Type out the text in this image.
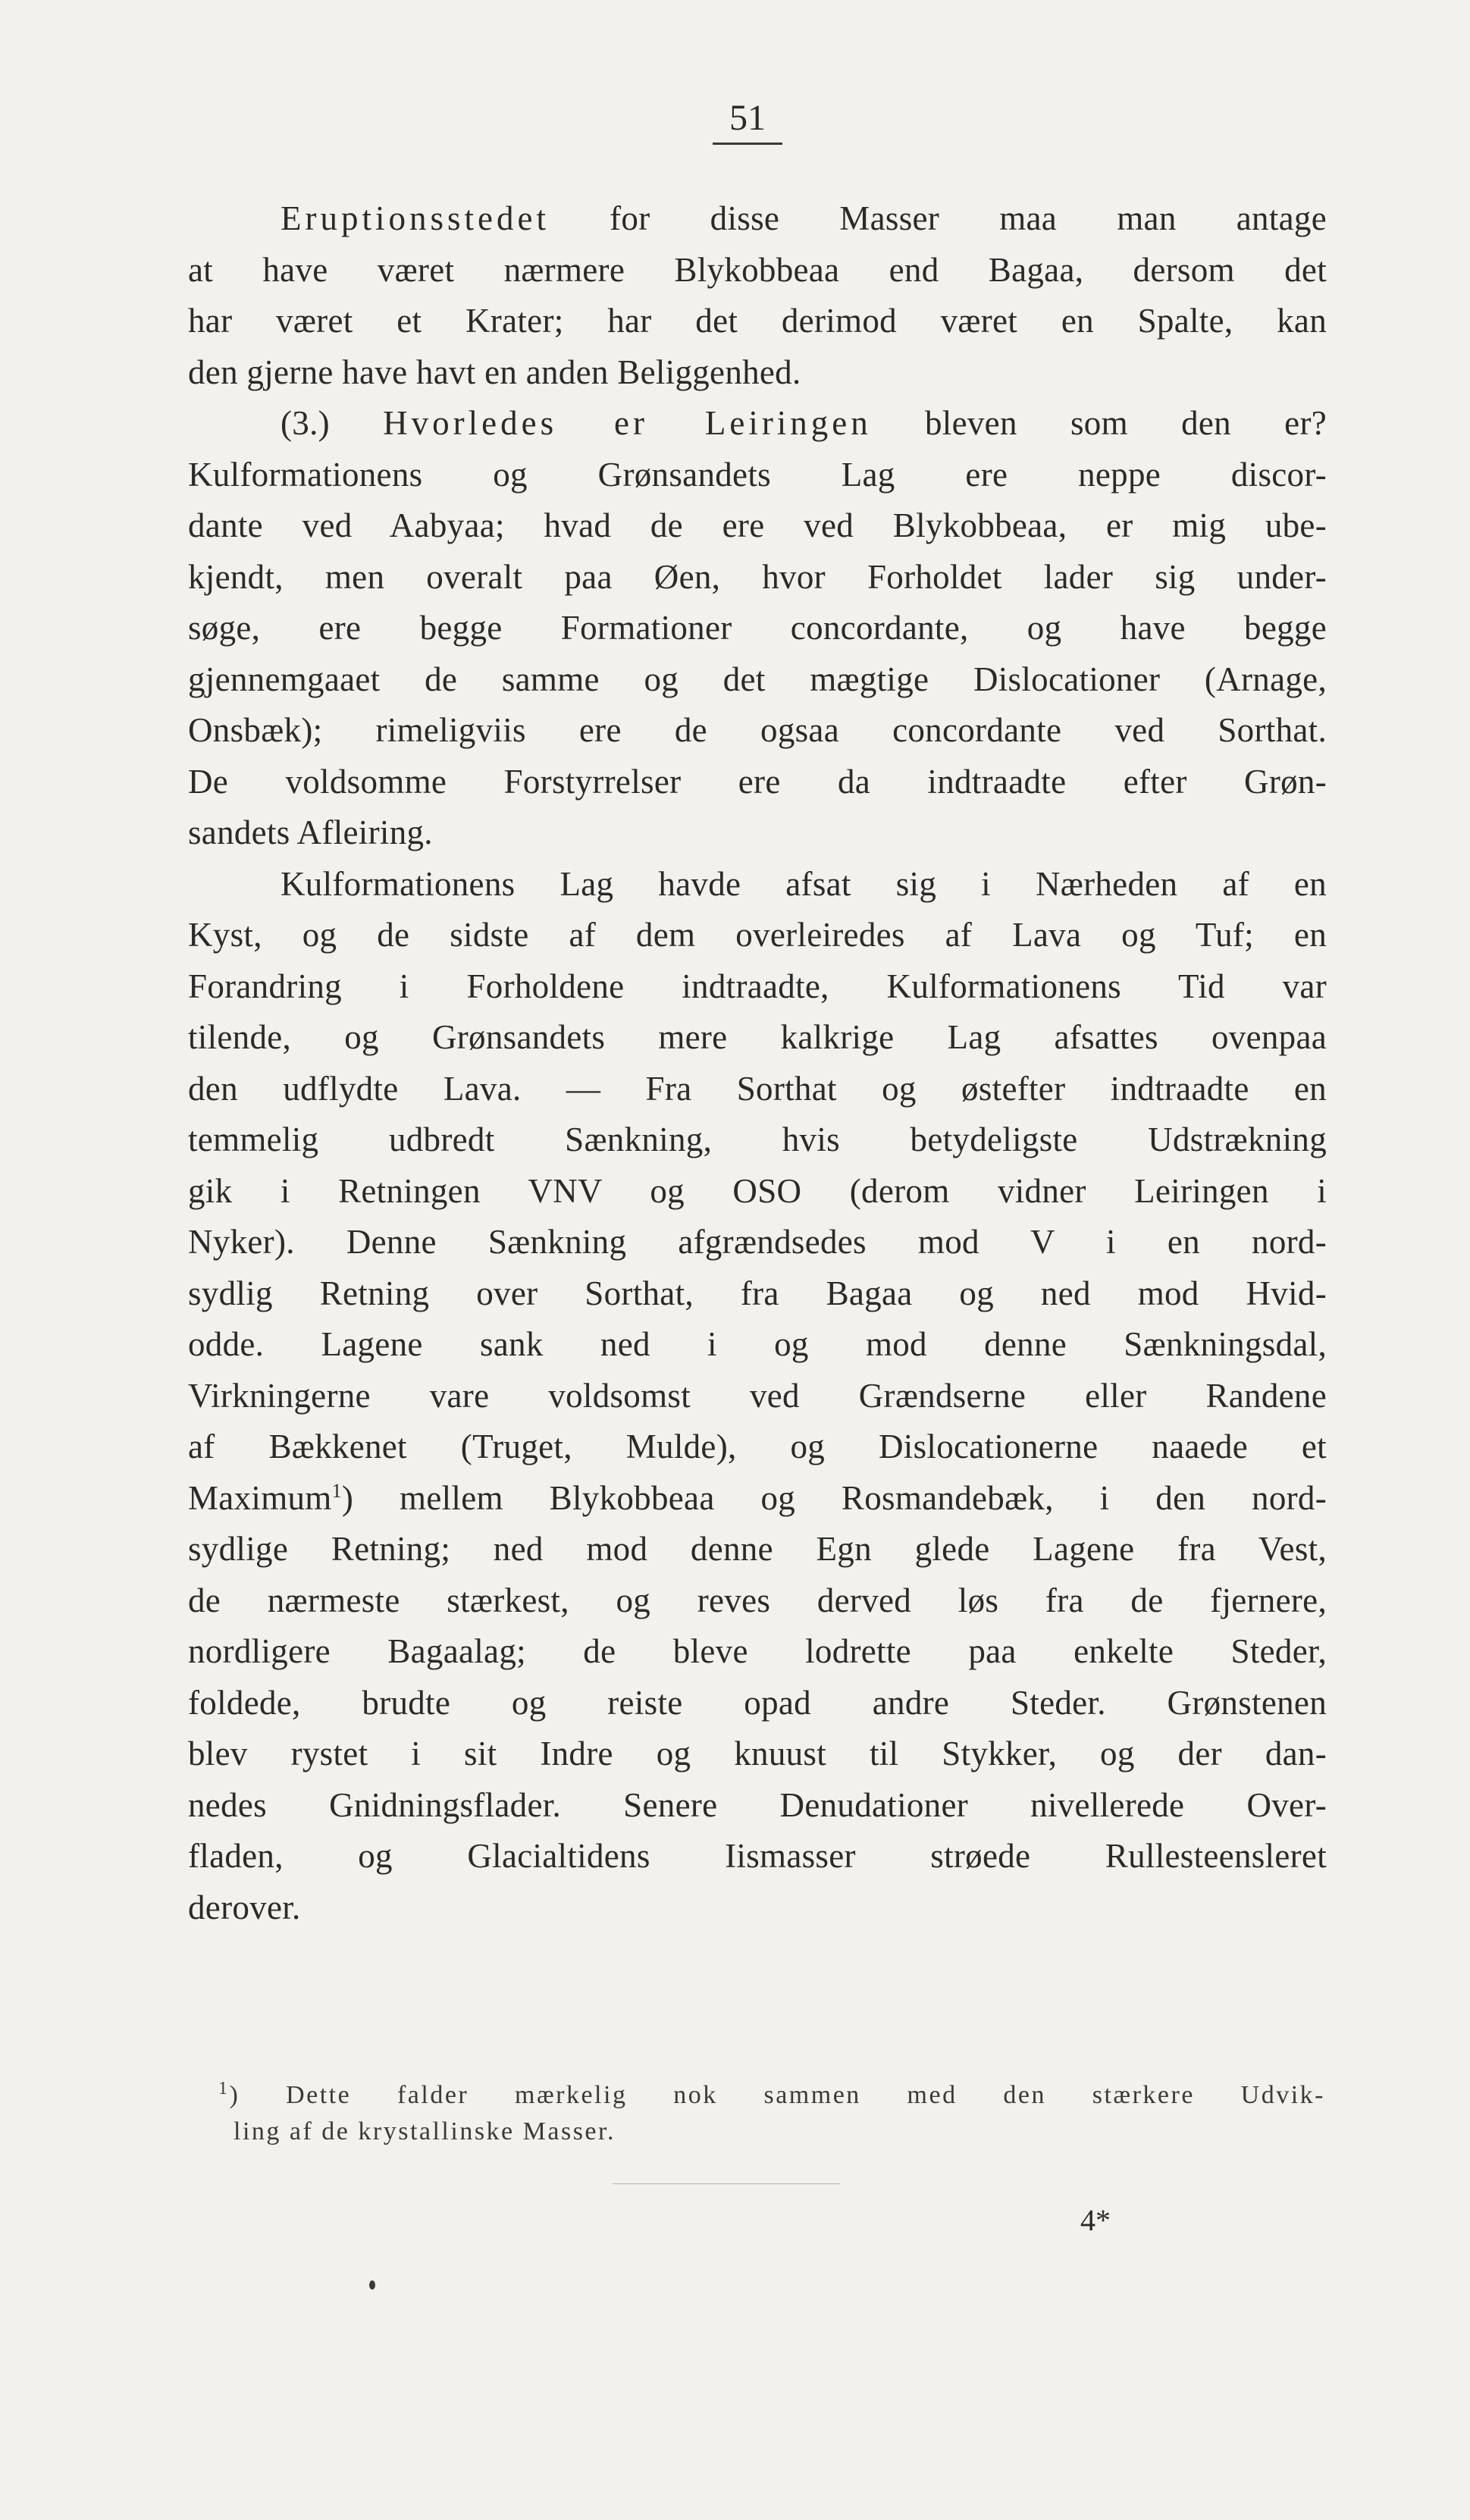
51
Eruptionsstedet for disse Masser maa man antage
at have været nærmere Blykobbeaa end Bagaa, dersom det
har været et Krater; har det derimod været en Spalte, kan
den gjerne have havt en anden Beliggenhed.
(3.) Hvorledes er Leiringen bleven som den er?
Kulformationens og Grønsandets Lag ere neppe discor-
dante ved Aabyaa; hvad de ere ved Blykobbeaa, er mig ube-
kjendt, men overalt paa Øen, hvor Forholdet lader sig under-
søge, ere begge Formationer concordante, og have begge
gjennemgaaet de samme og det mægtige Dislocationer (Arnage,
Onsbæk); rimeligviis ere de ogsaa concordante ved Sorthat.
De voldsomme Forstyrrelser ere da indtraadte efter Grøn-
sandets Afleiring.
Kulformationens Lag havde afsat sig i Nærheden af en
Kyst, og de sidste af dem overleiredes af Lava og Tuf; en
Forandring i Forholdene indtraadte, Kulformationens Tid var
tilende, og Grønsandets mere kalkrige Lag afsattes ovenpaa
den udflydte Lava. — Fra Sorthat og østefter indtraadte en
temmelig udbredt Sænkning, hvis betydeligste Udstrækning
gik i Retningen VNV og OSO (derom vidner Leiringen i
Nyker). Denne Sænkning afgrændsedes mod V i en nord-
sydlig Retning over Sorthat, fra Bagaa og ned mod Hvid-
odde. Lagene sank ned i og mod denne Sænkningsdal,
Virkningerne vare voldsomst ved Grændserne eller Randene
af Bækkenet (Truget, Mulde), og Dislocationerne naaede et
Maximum$^1$) mellem Blykobbeaa og Rosmandebæk, i den nord-
sydlige Retning; ned mod denne Egn glede Lagene fra Vest,
de nærmeste stærkest, og reves derved løs fra de fjernere,
nordligere Bagaalag; de bleve lodrette paa enkelte Steder,
foldede, brudte og reiste opad andre Steder. Grønstenen
blev rystet i sit Indre og knuust til Stykker, og der dan-
nedes Gnidningsflader. Senere Denudationer nivellerede Over-
fladen, og Glacialtidens Iismasser strøede Rullesteensleret
derover.
$^1$) Dette falder mærkelig nok sammen med den stærkere Udvik-
ling af de krystallinske Masser.
4*
